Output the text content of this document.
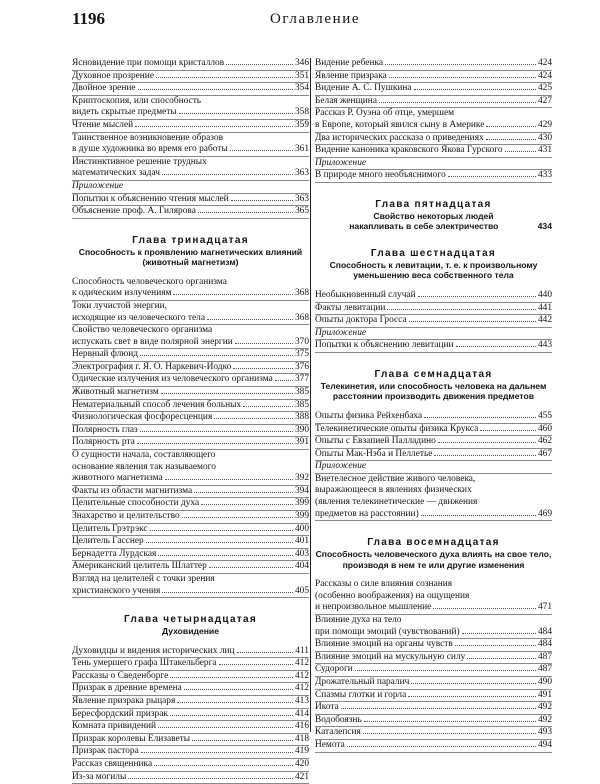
1196	Оглавление
Ясновидение при помощи кристаллов	346
Духовное прозрение	351
Двойное зрение	354
Криптоскопия, или способность
видеть скрытые предметы	358
Чтение мыслей	359
Таинственное возникновение образов
в душе художника во время его работы	361
Инстинктивное решение трудных
математических задач	363
Приложение
Попытки к объяснению чтения мыслей	363
Объяснение проф. А. Гилярова	365
Глава тринадцатая
Способность к проявлению магнетических влияний
(животный магнетизм)
Способность человеческого организма
к одическим излучениям	368
Токи лучистой энергии,
исходящие из человеческого тела	368
Свойство человеческого организма
испускать свет в виде полярной энергии	370
Нервный флюид	375
Электрография г. Я. О. Наркевич-Иодко	376
Одические излучения из человеческого организма 377
Животный магнетизм	385
Нематериальный способ лечения больных	385
Физиологическая фосфоресценция	388
Полярность глаз	390
Полярность рта	391
О сущности начала, составляющего
основание явления так называемого
животного магнетизма	392
Факты из области магнитизма	394
Целительные способности духа	399
Знахарство и целительство	399
Целитель Грэтрэкс	400
Целитель Гасснер	401
Бернадетта Лурдская	403
Американский целитель Шлаттер	404
Взгляд на целителей с точки зрения
христианского учения	405
Глава четырнадцатая
Духовидение
Духовидцы и видения исторических лиц	411
Тень умершего графа Штакельберга	412
Рассказы о Сведенборге	412
Призрак в древние времена	412
Явление призрака рыцаря	413
Бересфордский призрак	414
Комната привидений	416
Призрак королевы Елизаветы	418
Призрак пастора	419
Рассказ священника	420
Из-за могилы	421
Видение ребенка	424
Явление призрака	424
Видение А. С. Пушкина	425
Белая женщина	427
Рассказ Р. Оуэна об отце, умершем
в Европе, который явился сыну в Америке	429
Два исторических рассказа о приведениях	430
Видение каноника краковского Якова Гурского	431
Приложение
В природе много необъяснимого	433
Глава пятнадцатая
Свойство некоторых людей
накапливать в себе электричество	434
Глава шестнадцатая
Способность к левитации, т. е. к произвольному
уменьшению веса собственного тела
Необыкновенный случай	440
Факты левитации	441
Опыты доктора Гросса	442
Приложение
Попытки к объяснению левитации	443
Глава семнадцатая
Телекинетия, или способность человека на дальнем
расстоянии производить движения предметов
Опыты физика Рейхенбаха	455
Телекинетические опыты физика Крукса	460
Опыты с Евзапией Палладино	462
Опыты Мак-Нэба и Пеллетье	467
Приложение
Внетелесное действие живого человека,
выражающееся в явлениях физических
(явления телекинетические — движения
предметов на расстоянии)	469
Глава восемнадцатая
Способность человеческого духа влиять на свое тело,
производя в нем те или другие изменения
Рассказы о силе влияния сознания
(особенно воображения) на ощущения
и непроизвольное мышление	471
Влияние духа на тело
при помощи эмоций (чувствований)	484
Влияние эмоций на органы чувств	484
Влияние эмоций на мускульную силу	487
Судороги	487
Дрожательный паралич	490
Спазмы глотки и горла	491
Икота	492
Водобоязнь	492
Каталепсия	493
Немота	494
